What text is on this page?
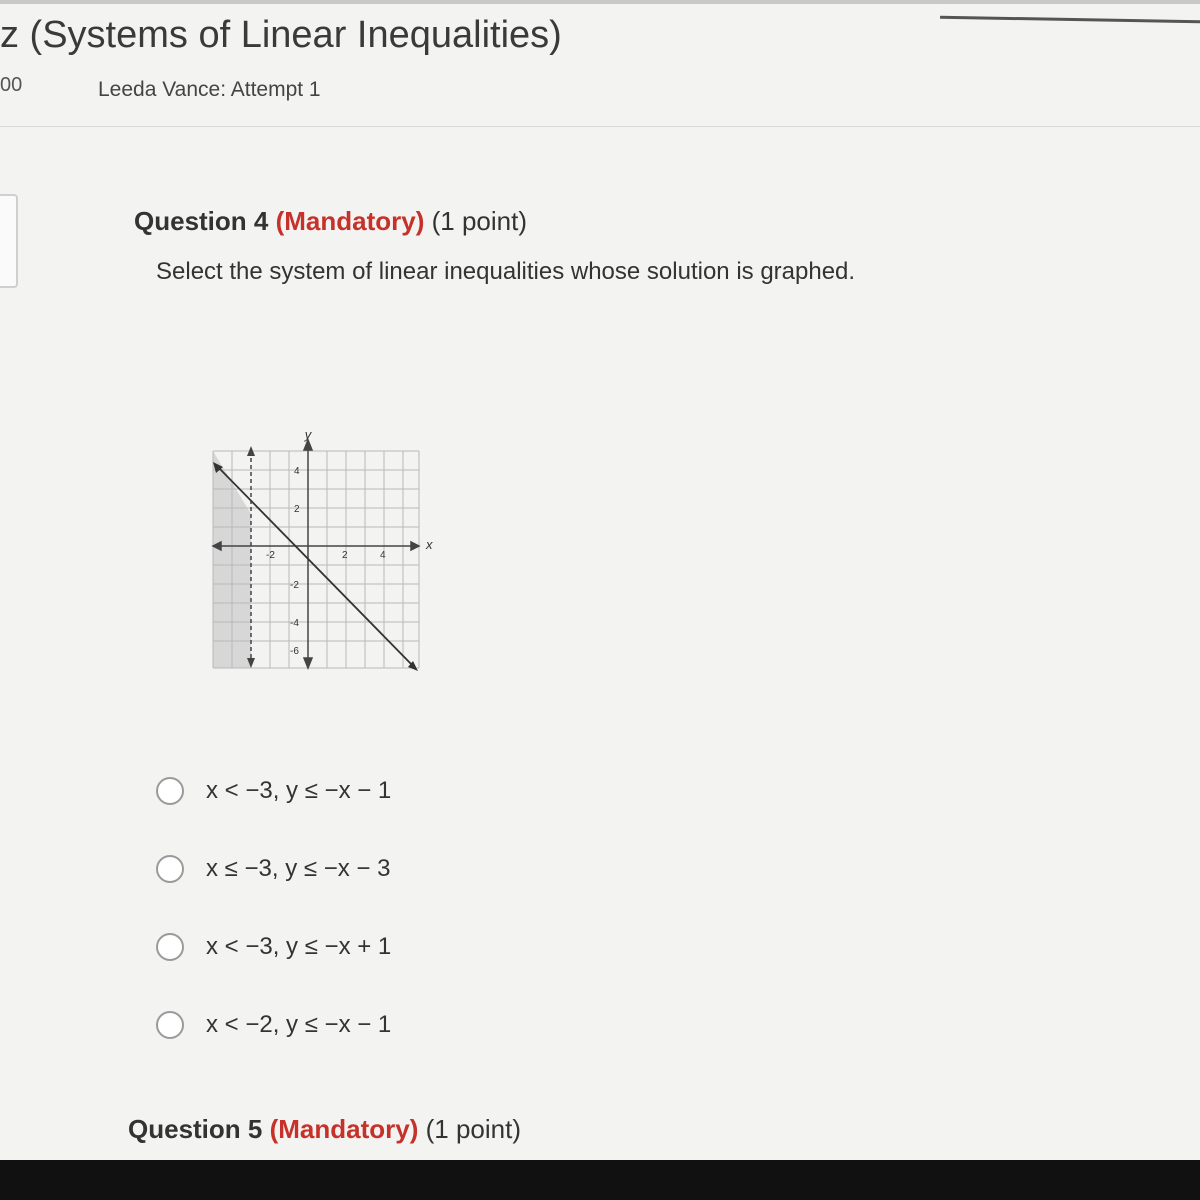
z (Systems of Linear Inequalities)
00	Leeda Vance: Attempt 1
Question 4 (Mandatory) (1 point)
Select the system of linear inequalities whose solution is graphed.
y
x
-2	2	4
4
2
-2
-4
-6
x < −3, y ≤ −x − 1
x ≤ −3, y ≤ −x − 3
x < −3, y ≤ −x + 1
x < −2, y ≤ −x − 1
Question 5 (Mandatory) (1 point)
